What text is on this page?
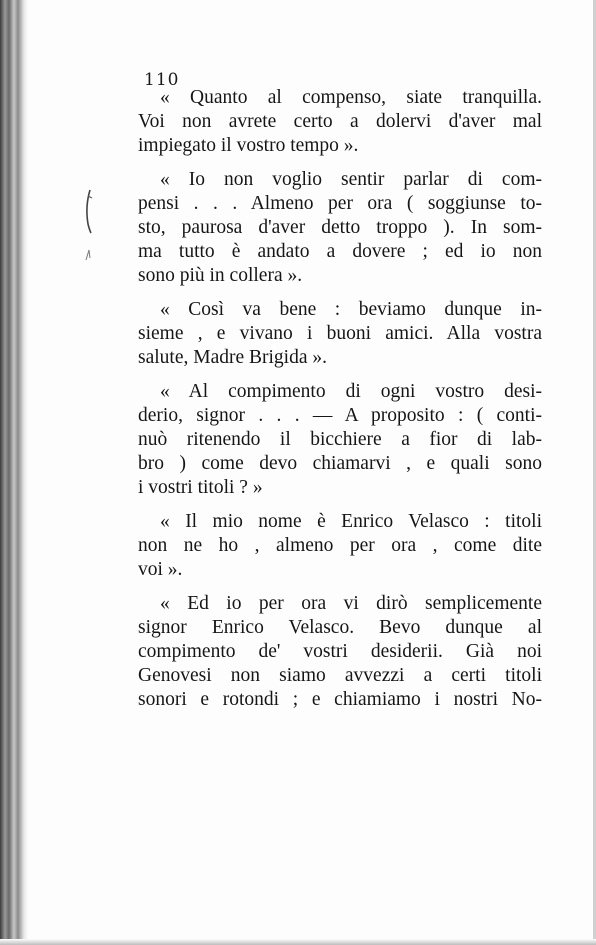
110
« Quanto al compenso, siate tranquilla.
Voi non avrete certo a dolervi d'aver mal
impiegato il vostro tempo ».
« Io non voglio sentir parlar di com-
pensi . . . Almeno per ora ( soggiunse to-
sto, paurosa d'aver detto troppo ). In som-
ma tutto è andato a dovere ; ed io non
sono più in collera ».
« Così va bene : beviamo dunque in-
sieme , e vivano i buoni amici. Alla vostra
salute, Madre Brigida ».
« Al compimento di ogni vostro desi-
derio, signor . . . — A proposito : ( conti-
nuò ritenendo il bicchiere a fior di lab-
bro ) come devo chiamarvi , e quali sono
i vostri titoli ? »
« Il mio nome è Enrico Velasco : titoli
non ne ho , almeno per ora , come dite
voi ».
« Ed io per ora vi dirò semplicemente
signor Enrico Velasco. Bevo dunque al
compimento de' vostri desiderii. Già noi
Genovesi non siamo avvezzi a certi titoli
sonori e rotondi ; e chiamiamo i nostri No-
